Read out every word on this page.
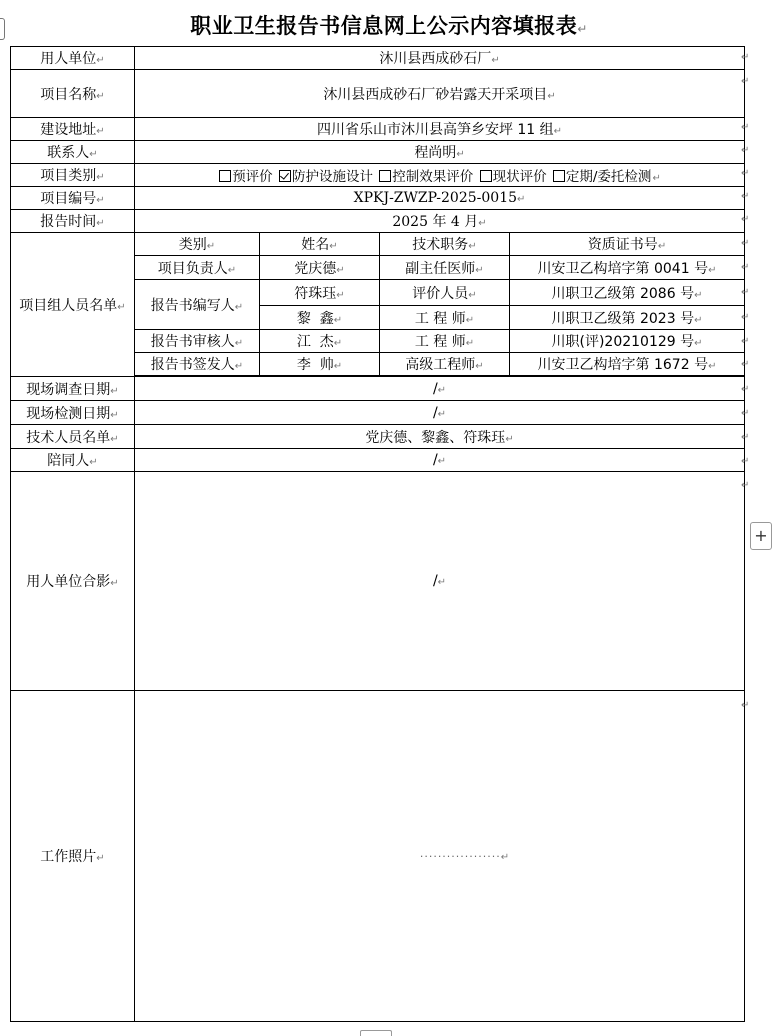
职业卫生报告书信息网上公示内容填报表↵
用人单位↵	沐川县西成砂石厂↵			
项目名称↵	沐川县西成砂石厂砂岩露天开采项目↵			
建设地址↵	四川省乐山市沐川县高笋乡安坪 11 组↵			
联系人↵	程尚明↵			
项目类别↵	预评价 防护设施设计 控制效果评价 现状评价 定期/委托检测↵			
项目编号↵	XPKJ-ZWZP-2025-0015↵			
报告时间↵	2025 年 4 月↵			
项目组人员名单↵	类别↵	姓名↵	技术职务↵	资质证书号↵
	项目负责人↵	党庆德↵	副主任医师↵	川安卫乙构培字第 0041 号↵
	报告书编写人↵	符珠珏↵	评价人员↵	川职卫乙级第 2086 号↵
		黎  鑫↵	工 程 师↵	川职卫乙级第 2023 号↵
	报告书审核人↵	江  杰↵	工 程 师↵	川职(评)20210129 号↵
	报告书签发人↵	李  帅↵	高级工程师↵	川安卫乙构培字第 1672 号↵

现场调查日期↵	/↵			
现场检测日期↵	/↵			
技术人员名单↵	党庆德、黎鑫、符珠珏↵			
陪同人↵	/↵			
用人单位合影↵	/↵			
工作照片↵	··················↵			
↵
↵
↵
↵
↵
↵
↵
↵
↵
↵
↵
↵
↵
↵
↵
↵
↵
↵
↵
+
